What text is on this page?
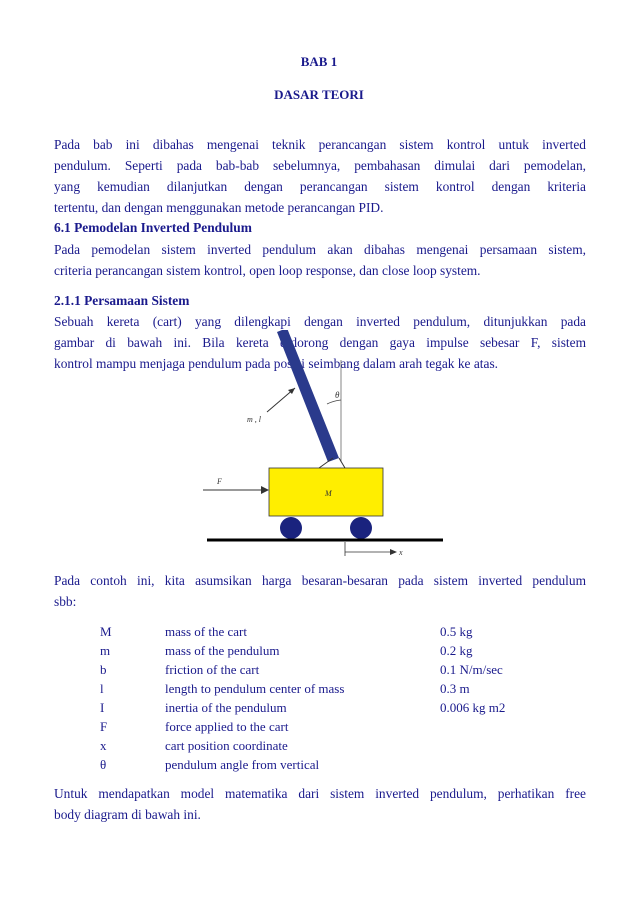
BAB 1
DASAR TEORI
Pada bab ini dibahas mengenai teknik perancangan sistem kontrol untuk inverted
pendulum. Seperti pada bab-bab sebelumnya, pembahasan dimulai dari pemodelan,
yang kemudian dilanjutkan dengan perancangan sistem kontrol dengan kriteria
tertentu, dan dengan menggunakan metode perancangan PID.
6.1 Pemodelan Inverted Pendulum
Pada pemodelan sistem inverted pendulum akan dibahas mengenai persamaan sistem,
criteria perancangan sistem kontrol, open loop response, dan close loop system.
2.1.1 Persamaan Sistem
Sebuah kereta (cart) yang dilengkapi dengan inverted pendulum, ditunjukkan pada
gambar di bawah ini. Bila kereta didorong dengan gaya impulse sebesar F, sistem
kontrol mampu menjaga pendulum pada posisi seimbang dalam arah tegak ke atas.
θ
m , l
M
F
x
Pada contoh ini, kita asumsikan harga besaran-besaran pada sistem inverted pendulum
sbb:
M	mass of the cart	0.5 kg
m	mass of the pendulum	0.2 kg
b	friction of the cart	0.1 N/m/sec
l	length to pendulum center of mass	0.3 m
I	inertia of the pendulum	0.006 kg m2
F	force applied to the cart
x	cart position coordinate
θ	pendulum angle from vertical
Untuk mendapatkan model matematika dari sistem inverted pendulum, perhatikan free
body diagram di bawah ini.
